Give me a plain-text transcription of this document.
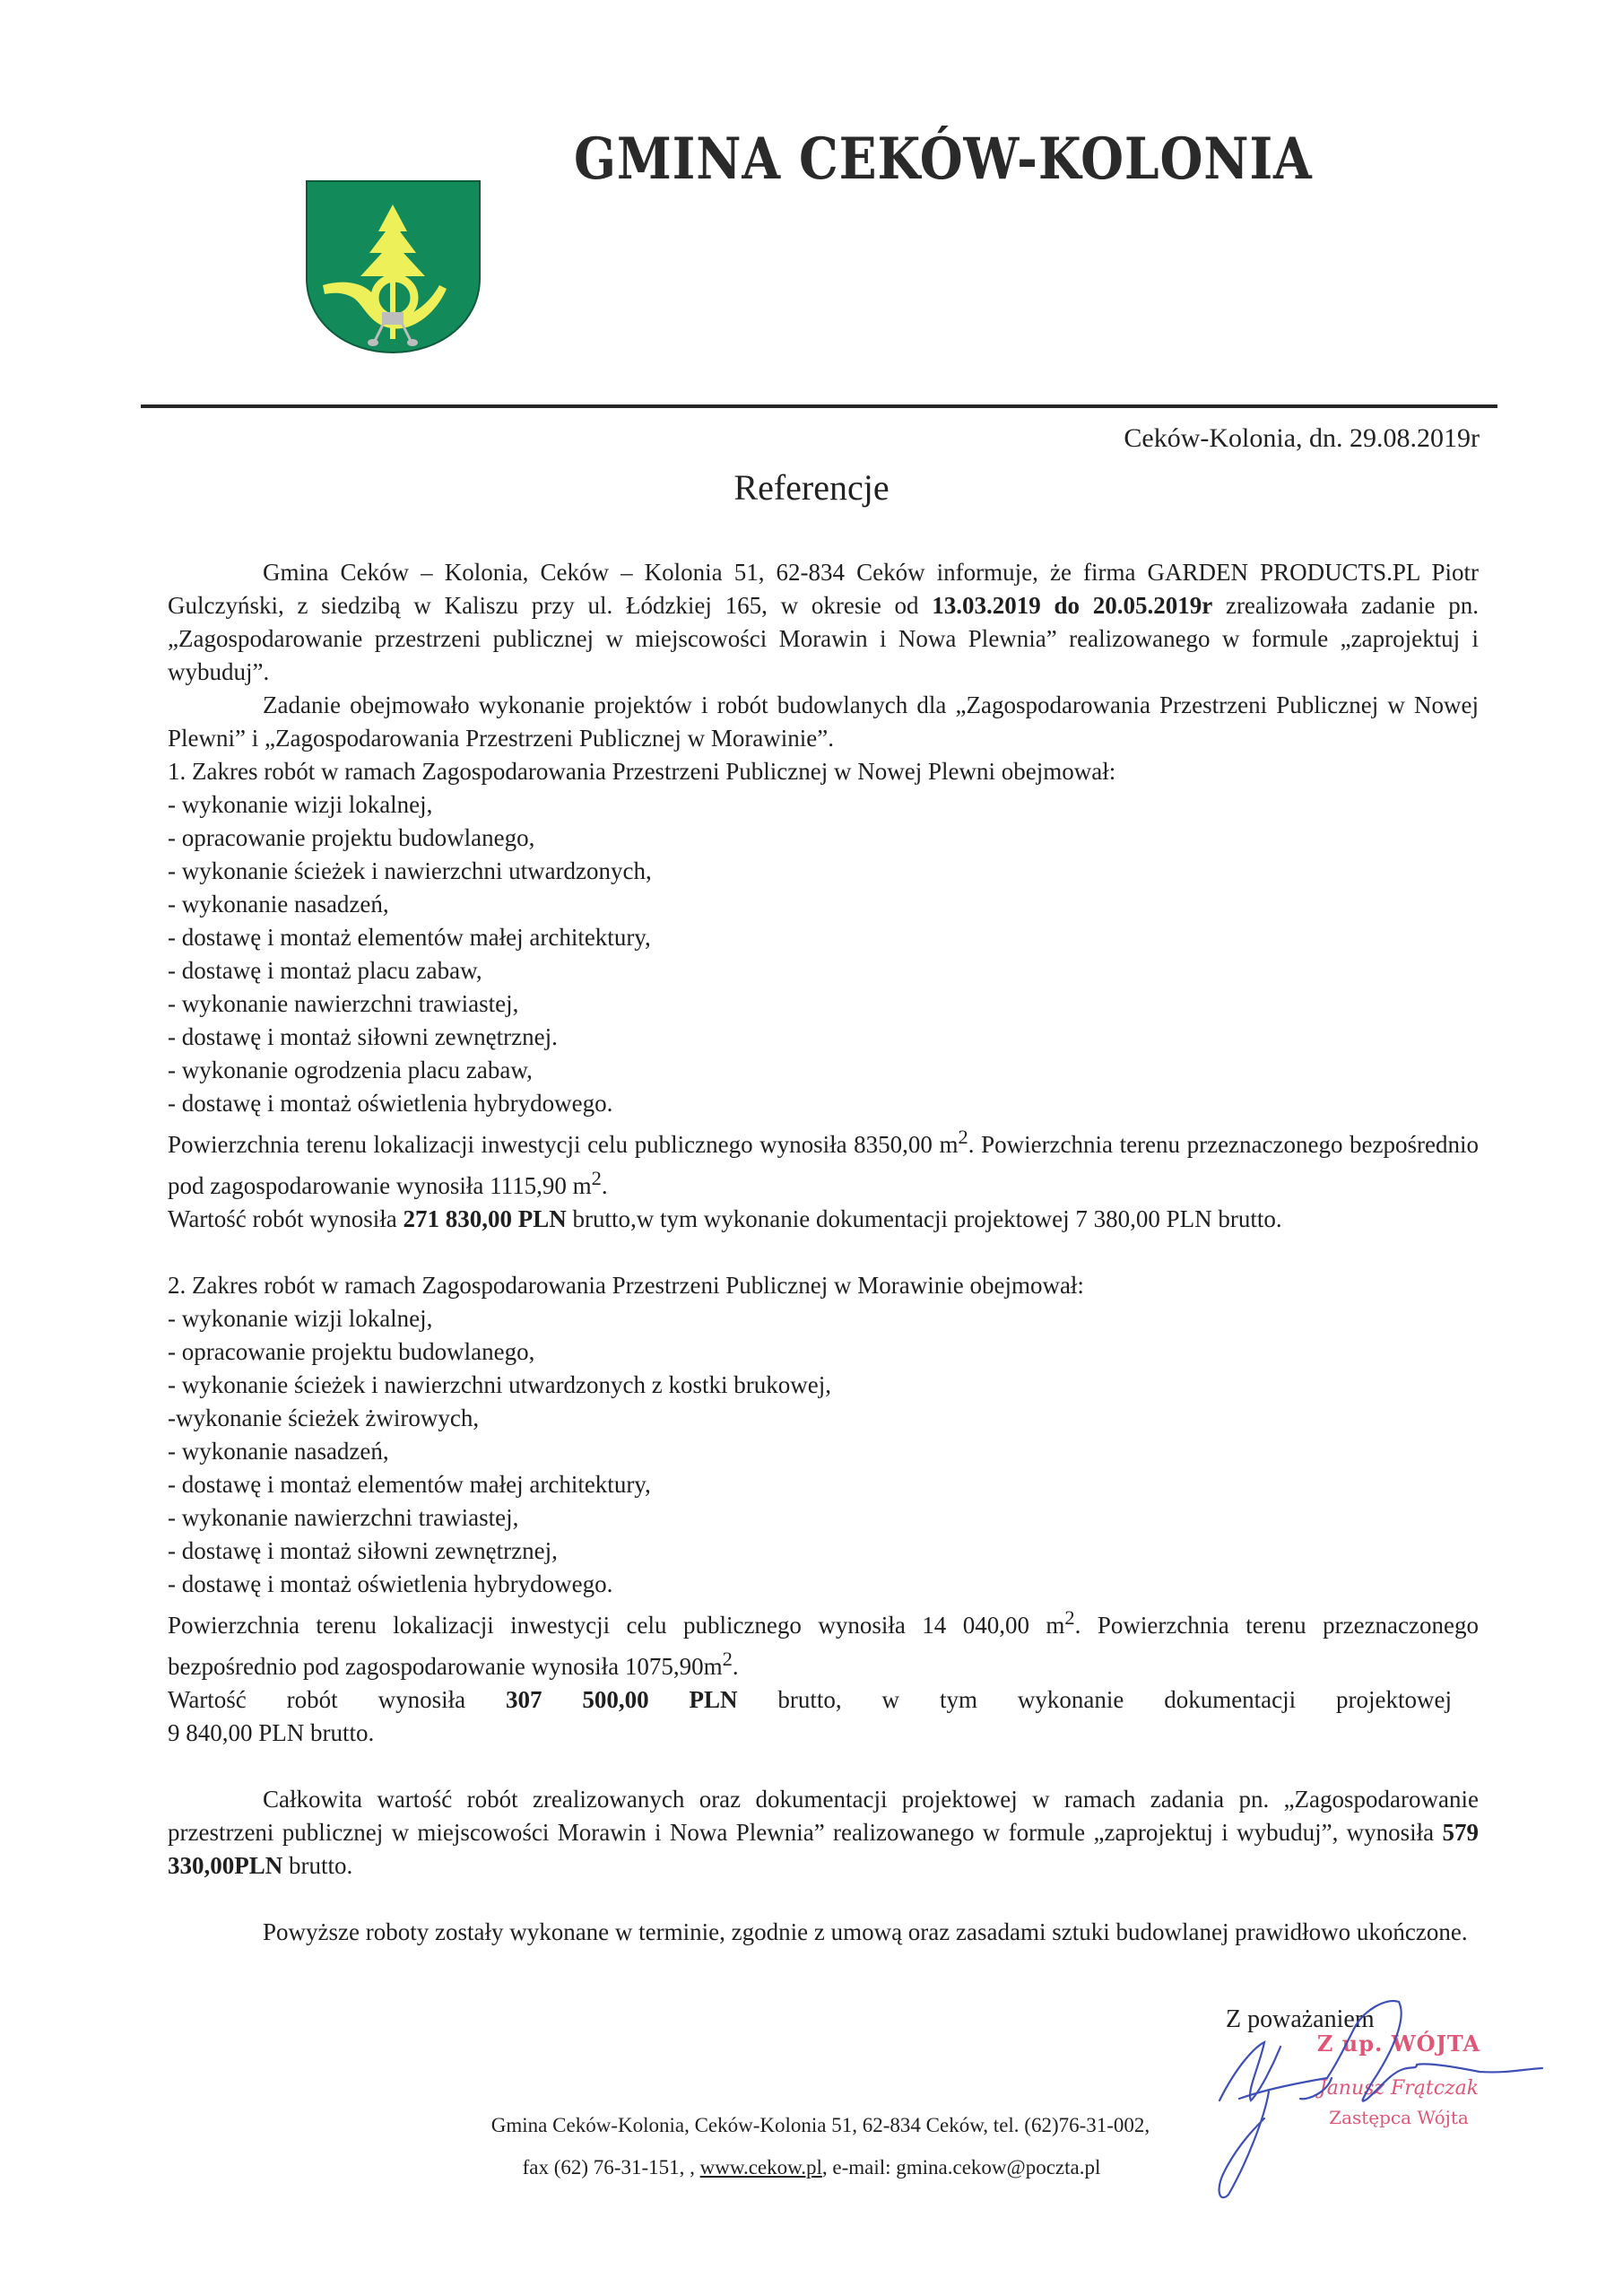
GMINA CEKÓW-KOLONIA
Ceków-Kolonia, dn. 29.08.2019r
Referencje

Gmina Ceków – Kolonia, Ceków – Kolonia 51, 62-834 Ceków informuje, że firma GARDEN PRODUCTS.PL Piotr Gulczyński, z siedzibą w Kaliszu przy ul. Łódzkiej 165, w okresie od 13.03.2019 do 20.05.2019r zrealizowała zadanie pn. „Zagospodarowanie przestrzeni publicznej w miejscowości Morawin i Nowa Plewnia” realizowanego w formule „zaprojektuj i wybuduj”.

Zadanie obejmowało wykonanie projektów i robót budowlanych dla „Zagospodarowania Przestrzeni Publicznej w Nowej Plewni” i „Zagospodarowania Przestrzeni Publicznej w Morawinie”.

1. Zakres robót w ramach Zagospodarowania Przestrzeni Publicznej w Nowej Plewni obejmował:

- wykonanie wizji lokalnej,
- opracowanie projektu budowlanego,
- wykonanie ścieżek i nawierzchni utwardzonych,
- wykonanie nasadzeń,
- dostawę i montaż elementów małej architektury,
- dostawę i montaż placu zabaw,
- wykonanie nawierzchni trawiastej,
- dostawę i montaż siłowni zewnętrznej.
- wykonanie ogrodzenia placu zabaw,
- dostawę i montaż oświetlenia hybrydowego.

Powierzchnia terenu lokalizacji inwestycji celu publicznego wynosiła 8350,00 $m^2$. Powierzchnia terenu przeznaczonego bezpośrednio pod zagospodarowanie wynosiła 1115,90 $m^2$.

Wartość robót wynosiła 271 830,00 PLN brutto,w tym wykonanie dokumentacji projektowej 7 380,00 PLN brutto.

2. Zakres robót w ramach Zagospodarowania Przestrzeni Publicznej w Morawinie obejmował:

- wykonanie wizji lokalnej,
- opracowanie projektu budowlanego,
- wykonanie ścieżek i nawierzchni utwardzonych z kostki brukowej,
-wykonanie ścieżek żwirowych,
- wykonanie nasadzeń,
- dostawę i montaż elementów małej architektury,
- wykonanie nawierzchni trawiastej,
- dostawę i montaż siłowni zewnętrznej,
- dostawę i montaż oświetlenia hybrydowego.

Powierzchnia terenu lokalizacji inwestycji celu publicznego wynosiła 14 040,00 $m^2$. Powierzchnia terenu przeznaczonego bezpośrednio pod zagospodarowanie wynosiła $1075,90m^2$.

Wartość robót wynosiła 307 500,00 PLN brutto, w tym wykonanie dokumentacji projektowej

9 840,00 PLN brutto.

Całkowita wartość robót zrealizowanych oraz dokumentacji projektowej w ramach zadania pn. „Zagospodarowanie przestrzeni publicznej w miejscowości Morawin i Nowa Plewnia” realizowanego w formule „zaprojektuj i wybuduj”, wynosiła 579 330,00PLN brutto.

Powyższe roboty zostały wykonane w terminie, zgodnie z umową oraz zasadami sztuki budowlanej prawidłowo ukończone.

Z poważaniem
Z up. WÓJTA
Janusz Frątczak
Zastępca Wójta
Gmina Ceków-Kolonia, Ceków-Kolonia 51, 62-834 Ceków, tel. (62)76-31-002,
fax (62) 76-31-151, , www.cekow.pl, e-mail: gmina.cekow@poczta.pl
